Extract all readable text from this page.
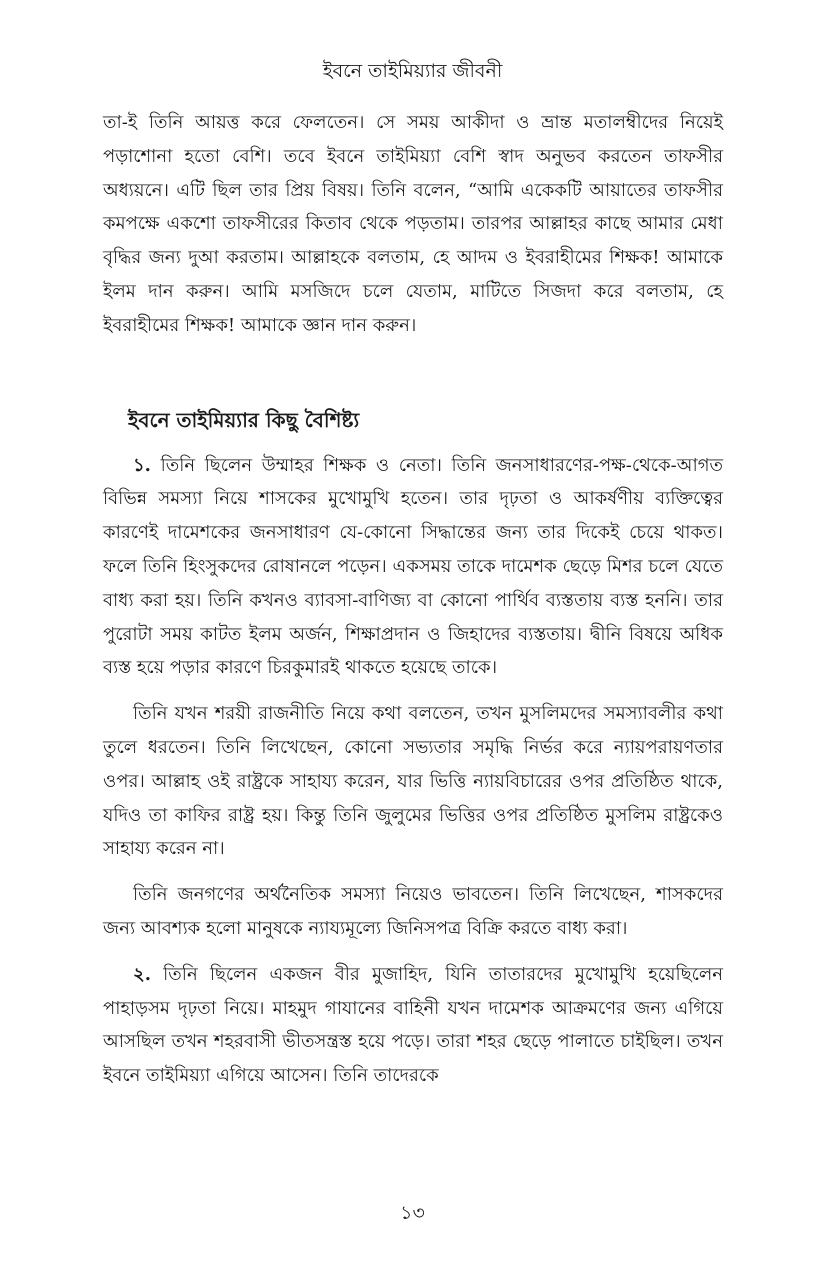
ইবনে তাইমিয়্যার জীবনী

তা-ই তিনি আয়ত্ত করে ফেলতেন। সে সময় আকীদা ও ভ্রান্ত মতালম্বীদের নিয়েই পড়াশোনা হতো বেশি। তবে ইবনে তাইমিয়্যা বেশি স্বাদ অনুভব করতেন তাফসীর অধ্যয়নে। এটি ছিল তার প্রিয় বিষয়। তিনি বলেন, “আমি একেকটি আয়াতের তাফসীর কমপক্ষে একশো তাফসীরের কিতাব থেকে পড়তাম। তারপর আল্লাহর কাছে আমার মেধা বৃদ্ধির জন্য দুআ করতাম। আল্লাহকে বলতাম, হে আদম ও ইবরাহীমের শিক্ষক! আমাকে ইলম দান করুন। আমি মসজিদে চলে যেতাম, মাটিতে সিজদা করে বলতাম, হে ইবরাহীমের শিক্ষক! আমাকে জ্ঞান দান করুন।

ইবনে তাইমিয়্যার কিছু বৈশিষ্ট্য

১. তিনি ছিলেন উম্মাহর শিক্ষক ও নেতা। তিনি জনসাধারণের-পক্ষ-থেকে-আগত বিভিন্ন সমস্যা নিয়ে শাসকের মুখোমুখি হতেন। তার দৃঢ়তা ও আকর্ষণীয় ব্যক্তিত্বের কারণেই দামেশকের জনসাধারণ যে-কোনো সিদ্ধান্তের জন্য তার দিকেই চেয়ে থাকত। ফলে তিনি হিংসুকদের রোষানলে পড়েন। একসময় তাকে দামেশক ছেড়ে মিশর চলে যেতে বাধ্য করা হয়। তিনি কখনও ব্যাবসা-বাণিজ্য বা কোনো পার্থিব ব্যস্ততায় ব্যস্ত হননি। তার পুরোটা সময় কাটত ইলম অর্জন, শিক্ষাপ্রদান ও জিহাদের ব্যস্ততায়। দ্বীনি বিষয়ে অধিক ব্যস্ত হয়ে পড়ার কারণে চিরকুমারই থাকতে হয়েছে তাকে।

তিনি যখন শরয়ী রাজনীতি নিয়ে কথা বলতেন, তখন মুসলিমদের সমস্যাবলীর কথা তুলে ধরতেন। তিনি লিখেছেন, কোনো সভ্যতার সমৃদ্ধি নির্ভর করে ন্যায়পরায়ণতার ওপর। আল্লাহ ওই রাষ্ট্রকে সাহায্য করেন, যার ভিত্তি ন্যায়বিচারের ওপর প্রতিষ্ঠিত থাকে, যদিও তা কাফির রাষ্ট্র হয়। কিন্তু তিনি জুলুমের ভিত্তির ওপর প্রতিষ্ঠিত মুসলিম রাষ্ট্রকেও সাহায্য করেন না।

তিনি জনগণের অর্থনৈতিক সমস্যা নিয়েও ভাবতেন। তিনি লিখেছেন, শাসকদের জন্য আবশ্যক হলো মানুষকে ন্যায্যমূল্যে জিনিসপত্র বিক্রি করতে বাধ্য করা।

২. তিনি ছিলেন একজন বীর মুজাহিদ, যিনি তাতারদের মুখোমুখি হয়েছিলেন পাহাড়সম দৃঢ়তা নিয়ে। মাহমুদ গাযানের বাহিনী যখন দামেশক আক্রমণের জন্য এগিয়ে আসছিল তখন শহরবাসী ভীতসন্ত্রস্ত হয়ে পড়ে। তারা শহর ছেড়ে পালাতে চাইছিল। তখন ইবনে তাইমিয়্যা এগিয়ে আসেন। তিনি তাদেরকে

১৩
